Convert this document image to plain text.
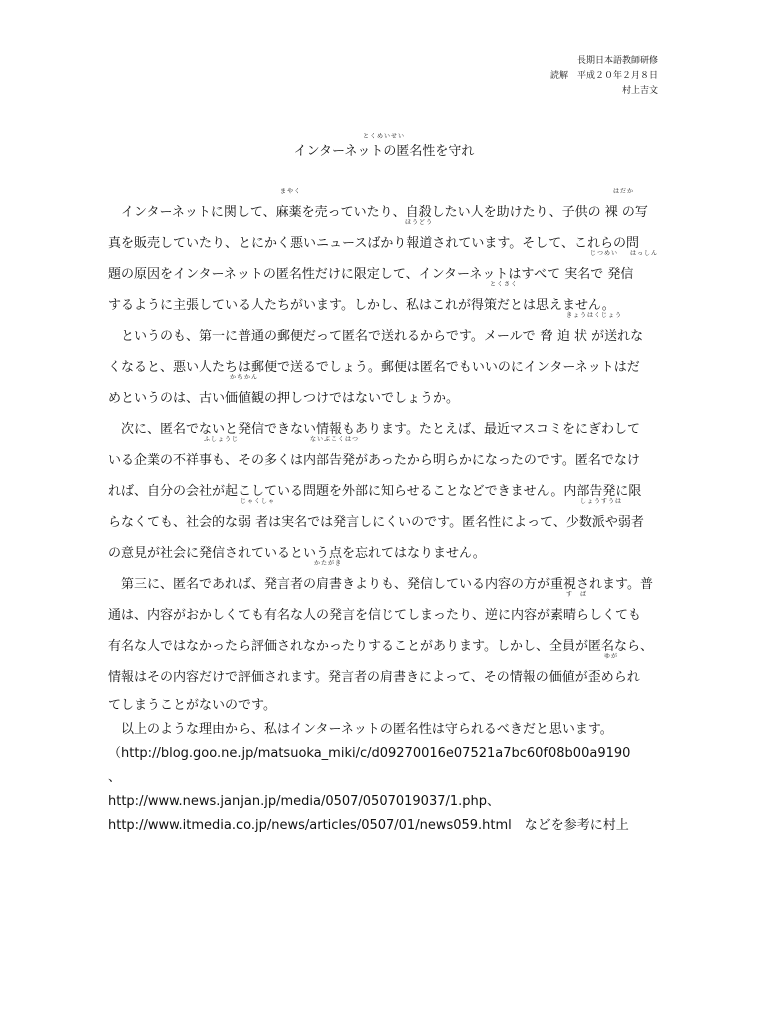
長期日本語教師研修
読解　平成２０年２月８日
村上吉文
とくめいせい
インターネットの匿名性を守れ
まやく	はだか
インターネットに関して、麻薬を売っていたり、自殺したい人を助けたり、子供の 裸 の写
ほうどう
真を販売していたり、とにかく悪いニュースばかり報道されています。そして、これらの問
じつめい はっしん
題の原因をインターネットの匿名性だけに限定して、インターネットはすべて 実名で 発信
とくさく
するように主張している人たちがいます。しかし、私はこれが得策だとは思えません。
きょうはくじょう
というのも、第一に普通の郵便だって匿名で送れるからです。メールで 脅 迫 状 が送れな
くなると、悪い人たちは郵便で送るでしょう。郵便は匿名でもいいのにインターネットはだ
かちかん
めというのは、古い価値観の押しつけではないでしょうか。
次に、匿名でないと発信できない情報もあります。たとえば、最近マスコミをにぎわして
ふしょうじ	ないぶこくはつ
いる企業の不祥事も、その多くは内部告発があったから明らかになったのです。匿名でなけ
れば、自分の会社が起こしている問題を外部に知らせることなどできません。内部告発に限
じゃくしゃ	しょうすうは
らなくても、社会的な弱 者は実名では発言しにくいのです。匿名性によって、少数派や弱者
の意見が社会に発信されているという点を忘れてはなりません。
かたがき
第三に、匿名であれば、発言者の肩書きよりも、発信している内容の方が重視されます。普
す　ば
通は、内容がおかしくても有名な人の発言を信じてしまったり、逆に内容が素晴らしくても
有名な人ではなかったら評価されなかったりすることがあります。しかし、全員が匿名なら、
ゆが
情報はその内容だけで評価されます。発言者の肩書きによって、その情報の価値が歪められ
てしまうことがないのです。
以上のような理由から、私はインターネットの匿名性は守られるべきだと思います。
（http://blog.goo.ne.jp/matsuoka_miki/c/d09270016e07521a7bc60f08b00a9190
、
http://www.news.janjan.jp/media/0507/0507019037/1.php、
http://www.itmedia.co.jp/news/articles/0507/01/news059.html　などを参考に村上
